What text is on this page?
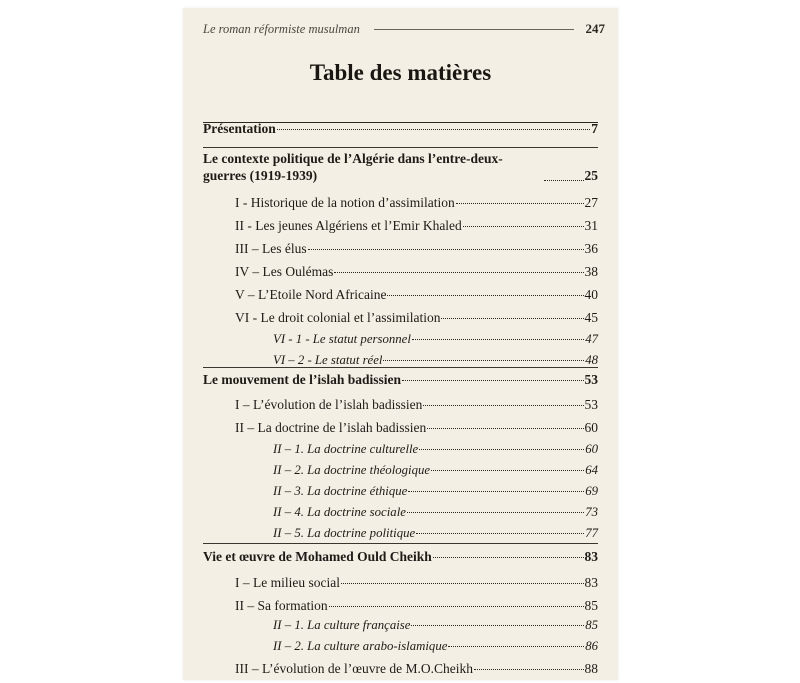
Le roman réformiste musulman	247
Table des matières
Présentation	7
Le contexte politique de l’Algérie dans l’entre-deux-guerres (1919-1939)	25
I - Historique de la notion d’assimilation	27
II - Les jeunes Algériens et l’Emir Khaled	31
III – Les élus	36
IV – Les Oulémas	38
V – L’Etoile Nord Africaine	40
VI - Le droit colonial et l’assimilation	45
VI - 1 - Le statut personnel	47
VI – 2 - Le statut réel	48
Le mouvement de l’islah badissien	53
I – L’évolution de l’islah badissien	53
II – La doctrine de l’islah badissien	60
II – 1. La doctrine culturelle	60
II – 2. La doctrine théologique	64
II – 3. La doctrine éthique	69
II – 4. La doctrine sociale	73
II – 5. La doctrine politique	77
Vie et œuvre de Mohamed Ould Cheikh	83
I – Le milieu social	83
II – Sa formation	85
II – 1. La culture française	85
II – 2. La culture arabo-islamique	86
III – L’évolution de l’œuvre de M.O.Cheikh	88
